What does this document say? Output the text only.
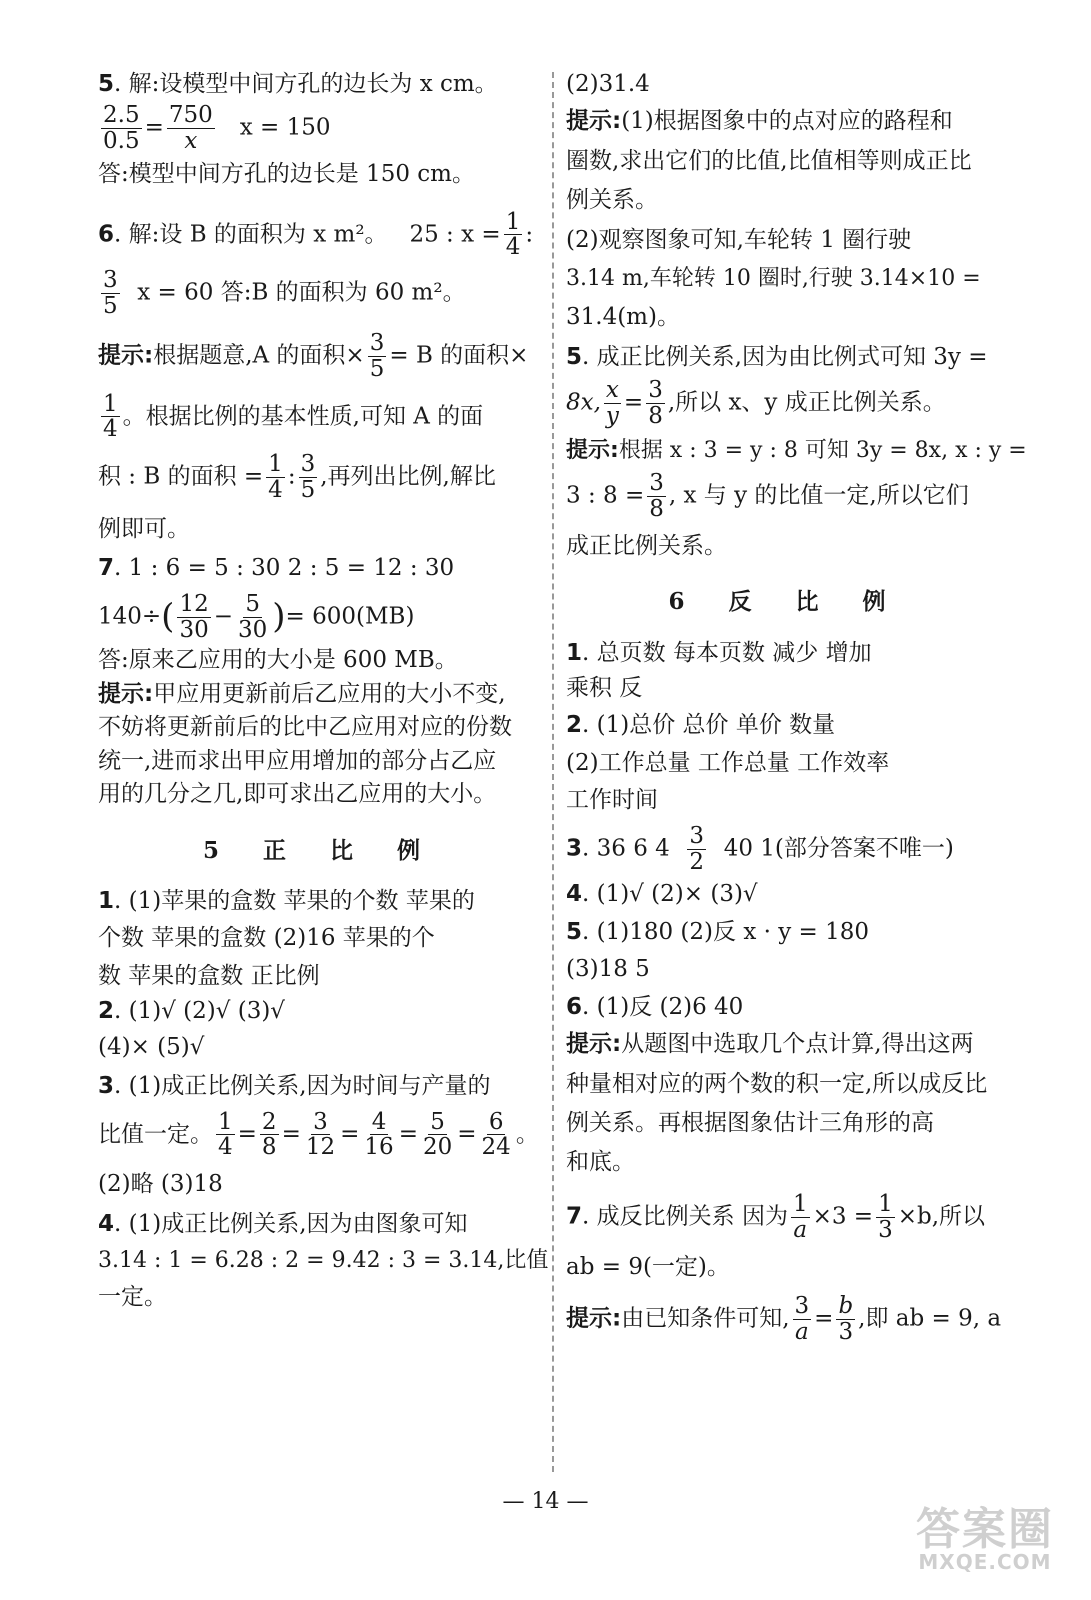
5. 解:设模型中间方孔的边长为 x cm。

$\frac{2.5}{0.5} = \frac{750}{x}$ x = 150

答:模型中间方孔的边长是 150 cm。

6. 解:设 B 的面积为 x m²。 25 : $x = \frac{1}{4}$ :

$\frac{3}{5}$ x = 60 答:B 的面积为 60 m²。

提示:根据题意,A 的面积× $\frac{3}{5} = B$ 的面积×

$\frac{1}{4}$ 。根据比例的基本性质,可知 A 的面

积 : B 的面积 = $\frac{1}{4}$ : $\frac{3}{5}$ ,再列出比例,解比

例即可。

7. 1 : 6 = 5 : 30 2 : 5 = 12 : 30

$140\div( \frac{12}{30} - \frac{5}{30}$ )= 600(MB)

答:原来乙应用的大小是 600 MB。

提示:甲应用更新前后乙应用的大小不变,

不妨将更新前后的比中乙应用对应的份数

统一,进而求出甲应用增加的部分占乙应

用的几分之几,即可求出乙应用的大小。

5 正 比 例

1. (1)苹果的盒数 苹果的个数 苹果的

个数 苹果的盒数 (2)16 苹果的个

数 苹果的盒数 正比例

2. (1)√ (2)√ (3)√

(4)× (5)√

3. (1)成正比例关系,因为时间与产量的

比值一定。 $\frac{1}{4} = \frac{2}{8} = \frac{3}{12} = \frac{4}{16} = \frac{5}{20} = \frac{6}{24}$ 。

(2)略 (3)18

4. (1)成正比例关系,因为由图象可知

3.14 : 1 = 6.28 : 2 = 9.42 : 3 = 3.14,比值

一定。

(2)31.4

提示:(1)根据图象中的点对应的路程和

圈数,求出它们的比值,比值相等则成正比

例关系。

(2)观察图象可知,车轮转 1 圈行驶

3.14 m,车轮转 10 圈时,行驶 3.14×10 =

31.4(m)。

5. 成正比例关系,因为由比例式可知 3y =

8x, $\frac{x}{y} = \frac{3}{8}$ ,所以 x、y 成正比例关系。

提示:根据 x : 3 = y : 8 可知 3y = 8x, x : y =

3 : $8 = \frac{3}{8}$ , x 与 y 的比值一定,所以它们

成正比例关系。

6 反 比 例

1. 总页数 每本页数 减少 增加

乘积 反

2. (1)总价 总价 单价 数量

(2)工作总量 工作总量 工作效率

工作时间

3. 36 6 $4 \frac{3}{2} 40$ 1(部分答案不唯一)

4. (1)√ (2)× (3)√

5. (1)180 (2)反 x · y = 180

(3)18 5

6. (1)反 (2)6 40

提示:从题图中选取几个点计算,得出这两

种量相对应的两个数的积一定,所以成反比

例关系。再根据图象估计三角形的高

和底。

7. 成反比例关系 因为 $\frac{1}{a} \times 3 = \frac{1}{3} \times b$,所以

ab = 9(一定)。

提示:由已知条件可知, $\frac{3}{a} = \frac{b}{3}$ ,即 ab = 9, a

— 14 —
答案圈
MXQE.COM
